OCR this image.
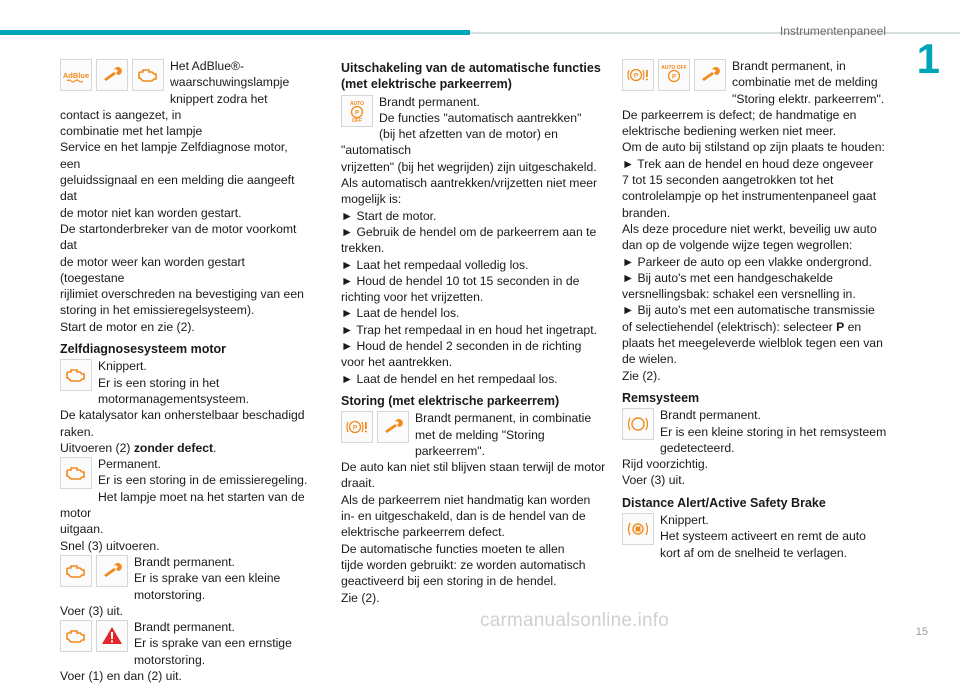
Instrumentenpaneel
1
AdBlue

Het AdBlue®-

waarschuwingslampje

knippert zodra het contact is aangezet, in

combinatie met het lampje

Service en het lampje Zelfdiagnose motor, een

geluidssignaal en een melding die aangeeft dat

de motor niet kan worden gestart.

De startonderbreker van de motor voorkomt dat

de motor weer kan worden gestart (toegestane

rijlimiet overschreden na bevestiging van een

storing in het emissieregelsysteem).

Start de motor en zie (2).

Zelfdiagnosesysteem motor

Knippert.

Er is een storing in het

motormanagementsysteem.

De katalysator kan onherstelbaar beschadigd

raken.

Uitvoeren (2) zonder defect.

Permanent.

Er is een storing in de emissieregeling.

Het lampje moet na het starten van de motor

uitgaan.

Snel (3) uitvoeren.

Brandt permanent.

Er is sprake van een kleine

motorstoring.

Voer (3) uit.

Brandt permanent.

Er is sprake van een ernstige

motorstoring.

Voer (1) en dan (2) uit.

Uitschakeling van de automatische functies (met elektrische parkeerrem)

AUTO
P
OFF

Brandt permanent.

De functies "automatisch aantrekken"

(bij het afzetten van de motor) en "automatisch

vrijzetten" (bij het wegrijden) zijn uitgeschakeld.

Als automatisch aantrekken/vrijzetten niet meer

mogelijk is:

► Start de motor.

► Gebruik de hendel om de parkeerrem aan te

trekken.

► Laat het rempedaal volledig los.

► Houd de hendel 10 tot 15 seconden in de

richting voor het vrijzetten.

► Laat de hendel los.

► Trap het rempedaal in en houd het ingetrapt.

► Houd de hendel 2 seconden in de richting

voor het aantrekken.

► Laat de hendel en het rempedaal los.

Storing (met elektrische parkeerrem)

P

Brandt permanent, in combinatie

met de melding "Storing

parkeerrem".

De auto kan niet stil blijven staan terwijl de motor

draait.

Als de parkeerrem niet handmatig kan worden

in- en uitgeschakeld, dan is de hendel van de

elektrische parkeerrem defect.

De automatische functies moeten te allen

tijde worden gebruikt: ze worden automatisch

geactiveerd bij een storing in de hendel.

Zie (2).

P
AUTO OFF
P

Brandt permanent, in

combinatie met de melding

"Storing elektr. parkeerrem".

De parkeerrem is defect; de handmatige en

elektrische bediening werken niet meer.

Om de auto bij stilstand op zijn plaats te houden:

► Trek aan de hendel en houd deze ongeveer

7 tot 15 seconden aangetrokken tot het

controlelampje op het instrumentenpaneel gaat

branden.

Als deze procedure niet werkt, beveilig uw auto

dan op de volgende wijze tegen wegrollen:

► Parkeer de auto op een vlakke ondergrond.

► Bij auto's met een handgeschakelde

versnellingsbak: schakel een versnelling in.

► Bij auto's met een automatische transmissie

of selectiehendel (elektrisch): selecteer P en

plaats het meegeleverde wielblok tegen een van

de wielen.

Zie (2).

Remsysteem

Brandt permanent.

Er is een kleine storing in het remsysteem

gedetecteerd.

Rijd voorzichtig.

Voer (3) uit.

Distance Alert/Active Safety Brake

Knippert.

Het systeem activeert en remt de auto

kort af om de snelheid te verlagen.

carmanualsonline.info
15
